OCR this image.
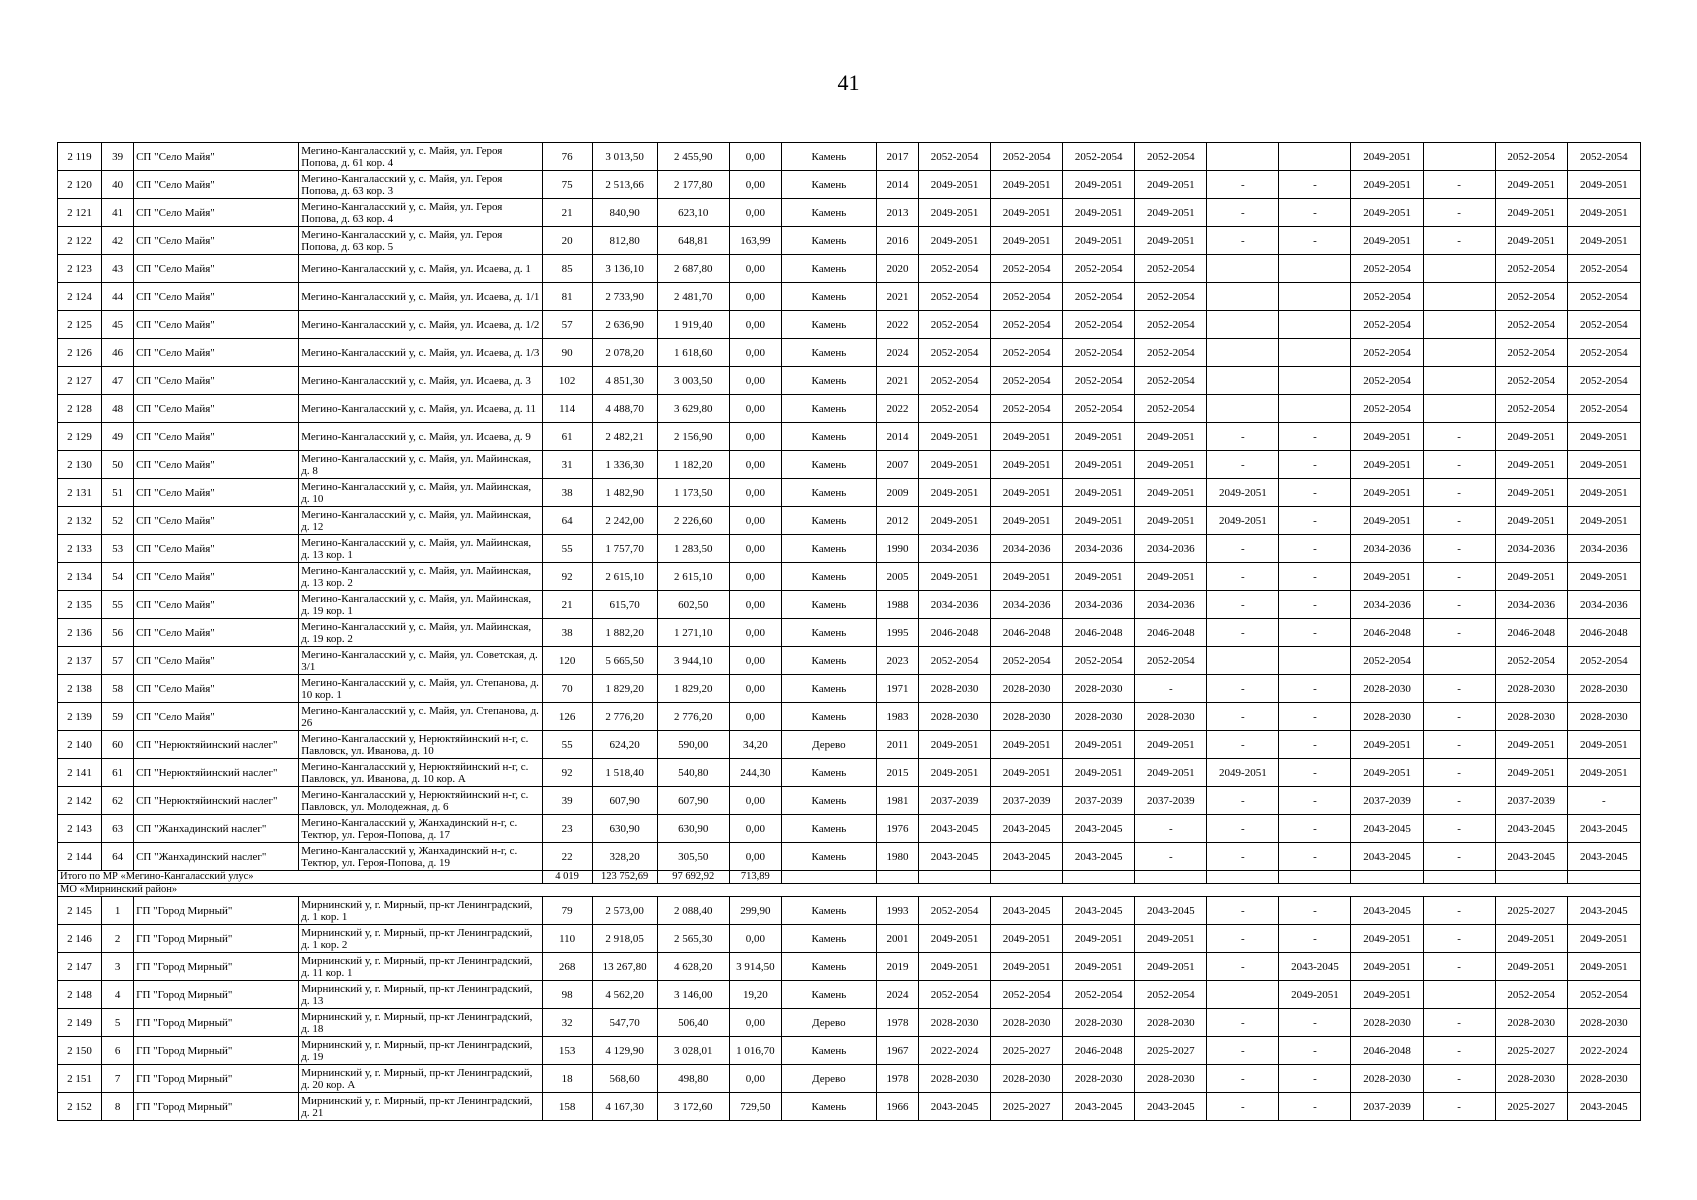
41
2 119	39	СП "Село Майя"	Мегино-Кангаласский у, с. Майя, ул. Героя Попова, д. 61 кор. 4	76	3 013,50	2 455,90	0,00	Камень	2017	2052-2054	2052-2054	2052-2054	2052-2054			2049-2051		2052-2054	2052-2054
2 120	40	СП "Село Майя"	Мегино-Кангаласский у, с. Майя, ул. Героя Попова, д. 63 кор. 3	75	2 513,66	2 177,80	0,00	Камень	2014	2049-2051	2049-2051	2049-2051	2049-2051	-	-	2049-2051	-	2049-2051	2049-2051
2 121	41	СП "Село Майя"	Мегино-Кангаласский у, с. Майя, ул. Героя Попова, д. 63 кор. 4	21	840,90	623,10	0,00	Камень	2013	2049-2051	2049-2051	2049-2051	2049-2051	-	-	2049-2051	-	2049-2051	2049-2051
2 122	42	СП "Село Майя"	Мегино-Кангаласский у, с. Майя, ул. Героя Попова, д. 63 кор. 5	20	812,80	648,81	163,99	Камень	2016	2049-2051	2049-2051	2049-2051	2049-2051	-	-	2049-2051	-	2049-2051	2049-2051
2 123	43	СП "Село Майя"	Мегино-Кангаласский у, с. Майя, ул. Исаева, д. 1	85	3 136,10	2 687,80	0,00	Камень	2020	2052-2054	2052-2054	2052-2054	2052-2054			2052-2054		2052-2054	2052-2054
2 124	44	СП "Село Майя"	Мегино-Кангаласский у, с. Майя, ул. Исаева, д. 1/1	81	2 733,90	2 481,70	0,00	Камень	2021	2052-2054	2052-2054	2052-2054	2052-2054			2052-2054		2052-2054	2052-2054
2 125	45	СП "Село Майя"	Мегино-Кангаласский у, с. Майя, ул. Исаева, д. 1/2	57	2 636,90	1 919,40	0,00	Камень	2022	2052-2054	2052-2054	2052-2054	2052-2054			2052-2054		2052-2054	2052-2054
2 126	46	СП "Село Майя"	Мегино-Кангаласский у, с. Майя, ул. Исаева, д. 1/3	90	2 078,20	1 618,60	0,00	Камень	2024	2052-2054	2052-2054	2052-2054	2052-2054			2052-2054		2052-2054	2052-2054
2 127	47	СП "Село Майя"	Мегино-Кангаласский у, с. Майя, ул. Исаева, д. 3	102	4 851,30	3 003,50	0,00	Камень	2021	2052-2054	2052-2054	2052-2054	2052-2054			2052-2054		2052-2054	2052-2054
2 128	48	СП "Село Майя"	Мегино-Кангаласский у, с. Майя, ул. Исаева, д. 11	114	4 488,70	3 629,80	0,00	Камень	2022	2052-2054	2052-2054	2052-2054	2052-2054			2052-2054		2052-2054	2052-2054
2 129	49	СП "Село Майя"	Мегино-Кангаласский у, с. Майя, ул. Исаева, д. 9	61	2 482,21	2 156,90	0,00	Камень	2014	2049-2051	2049-2051	2049-2051	2049-2051	-	-	2049-2051	-	2049-2051	2049-2051
2 130	50	СП "Село Майя"	Мегино-Кангаласский у, с. Майя, ул. Майинская, д. 8	31	1 336,30	1 182,20	0,00	Камень	2007	2049-2051	2049-2051	2049-2051	2049-2051	-	-	2049-2051	-	2049-2051	2049-2051
2 131	51	СП "Село Майя"	Мегино-Кангаласский у, с. Майя, ул. Майинская, д. 10	38	1 482,90	1 173,50	0,00	Камень	2009	2049-2051	2049-2051	2049-2051	2049-2051	2049-2051	-	2049-2051	-	2049-2051	2049-2051
2 132	52	СП "Село Майя"	Мегино-Кангаласский у, с. Майя, ул. Майинская, д. 12	64	2 242,00	2 226,60	0,00	Камень	2012	2049-2051	2049-2051	2049-2051	2049-2051	2049-2051	-	2049-2051	-	2049-2051	2049-2051
2 133	53	СП "Село Майя"	Мегино-Кангаласский у, с. Майя, ул. Майинская, д. 13 кор. 1	55	1 757,70	1 283,50	0,00	Камень	1990	2034-2036	2034-2036	2034-2036	2034-2036	-	-	2034-2036	-	2034-2036	2034-2036
2 134	54	СП "Село Майя"	Мегино-Кангаласский у, с. Майя, ул. Майинская, д. 13 кор. 2	92	2 615,10	2 615,10	0,00	Камень	2005	2049-2051	2049-2051	2049-2051	2049-2051	-	-	2049-2051	-	2049-2051	2049-2051
2 135	55	СП "Село Майя"	Мегино-Кангаласский у, с. Майя, ул. Майинская, д. 19 кор. 1	21	615,70	602,50	0,00	Камень	1988	2034-2036	2034-2036	2034-2036	2034-2036	-	-	2034-2036	-	2034-2036	2034-2036
2 136	56	СП "Село Майя"	Мегино-Кангаласский у, с. Майя, ул. Майинская, д. 19 кор. 2	38	1 882,20	1 271,10	0,00	Камень	1995	2046-2048	2046-2048	2046-2048	2046-2048	-	-	2046-2048	-	2046-2048	2046-2048
2 137	57	СП "Село Майя"	Мегино-Кангаласский у, с. Майя, ул. Советская, д. 3/1	120	5 665,50	3 944,10	0,00	Камень	2023	2052-2054	2052-2054	2052-2054	2052-2054			2052-2054		2052-2054	2052-2054
2 138	58	СП "Село Майя"	Мегино-Кангаласский у, с. Майя, ул. Степанова, д. 10 кор. 1	70	1 829,20	1 829,20	0,00	Камень	1971	2028-2030	2028-2030	2028-2030	-	-	-	2028-2030	-	2028-2030	2028-2030
2 139	59	СП "Село Майя"	Мегино-Кангаласский у, с. Майя, ул. Степанова, д. 26	126	2 776,20	2 776,20	0,00	Камень	1983	2028-2030	2028-2030	2028-2030	2028-2030	-	-	2028-2030	-	2028-2030	2028-2030
2 140	60	СП "Нерюктяйинский наслег"	Мегино-Кангаласский у, Нерюктяйинский н-г, с. Павловск, ул. Иванова, д. 10	55	624,20	590,00	34,20	Дерево	2011	2049-2051	2049-2051	2049-2051	2049-2051	-	-	2049-2051	-	2049-2051	2049-2051
2 141	61	СП "Нерюктяйинский наслег"	Мегино-Кангаласский у, Нерюктяйинский н-г, с. Павловск, ул. Иванова, д. 10 кор. А	92	1 518,40	540,80	244,30	Камень	2015	2049-2051	2049-2051	2049-2051	2049-2051	2049-2051	-	2049-2051	-	2049-2051	2049-2051
2 142	62	СП "Нерюктяйинский наслег"	Мегино-Кангаласский у, Нерюктяйинский н-г, с. Павловск, ул. Молодежная, д. 6	39	607,90	607,90	0,00	Камень	1981	2037-2039	2037-2039	2037-2039	2037-2039	-	-	2037-2039	-	2037-2039	-
2 143	63	СП "Жанхадинский наслег"	Мегино-Кангаласский у, Жанхадинский н-г, с. Тектюр, ул. Героя-Попова, д. 17	23	630,90	630,90	0,00	Камень	1976	2043-2045	2043-2045	2043-2045	-	-	-	2043-2045	-	2043-2045	2043-2045
2 144	64	СП "Жанхадинский наслег"	Мегино-Кангаласский у, Жанхадинский н-г, с. Тектюр, ул. Героя-Попова, д. 19	22	328,20	305,50	0,00	Камень	1980	2043-2045	2043-2045	2043-2045	-	-	-	2043-2045	-	2043-2045	2043-2045
Итого по МР «Мегино-Кангаласский улус»				4 019	123 752,69	97 692,92	713,89												
МО «Мирнинский район»																			
2 145	1	ГП "Город Мирный"	Мирнинский у, г. Мирный, пр-кт Ленинградский, д. 1 кор. 1	79	2 573,00	2 088,40	299,90	Камень	1993	2052-2054	2043-2045	2043-2045	2043-2045	-	-	2043-2045	-	2025-2027	2043-2045
2 146	2	ГП "Город Мирный"	Мирнинский у, г. Мирный, пр-кт Ленинградский, д. 1 кор. 2	110	2 918,05	2 565,30	0,00	Камень	2001	2049-2051	2049-2051	2049-2051	2049-2051	-	-	2049-2051	-	2049-2051	2049-2051
2 147	3	ГП "Город Мирный"	Мирнинский у, г. Мирный, пр-кт Ленинградский, д. 11 кор. 1	268	13 267,80	4 628,20	3 914,50	Камень	2019	2049-2051	2049-2051	2049-2051	2049-2051	-	2043-2045	2049-2051	-	2049-2051	2049-2051
2 148	4	ГП "Город Мирный"	Мирнинский у, г. Мирный, пр-кт Ленинградский, д. 13	98	4 562,20	3 146,00	19,20	Камень	2024	2052-2054	2052-2054	2052-2054	2052-2054		2049-2051	2049-2051		2052-2054	2052-2054
2 149	5	ГП "Город Мирный"	Мирнинский у, г. Мирный, пр-кт Ленинградский, д. 18	32	547,70	506,40	0,00	Дерево	1978	2028-2030	2028-2030	2028-2030	2028-2030	-	-	2028-2030	-	2028-2030	2028-2030
2 150	6	ГП "Город Мирный"	Мирнинский у, г. Мирный, пр-кт Ленинградский, д. 19	153	4 129,90	3 028,01	1 016,70	Камень	1967	2022-2024	2025-2027	2046-2048	2025-2027	-	-	2046-2048	-	2025-2027	2022-2024
2 151	7	ГП "Город Мирный"	Мирнинский у, г. Мирный, пр-кт Ленинградский, д. 20 кор. А	18	568,60	498,80	0,00	Дерево	1978	2028-2030	2028-2030	2028-2030	2028-2030	-	-	2028-2030	-	2028-2030	2028-2030
2 152	8	ГП "Город Мирный"	Мирнинский у, г. Мирный, пр-кт Ленинградский, д. 21	158	4 167,30	3 172,60	729,50	Камень	1966	2043-2045	2025-2027	2043-2045	2043-2045	-	-	2037-2039	-	2025-2027	2043-2045
